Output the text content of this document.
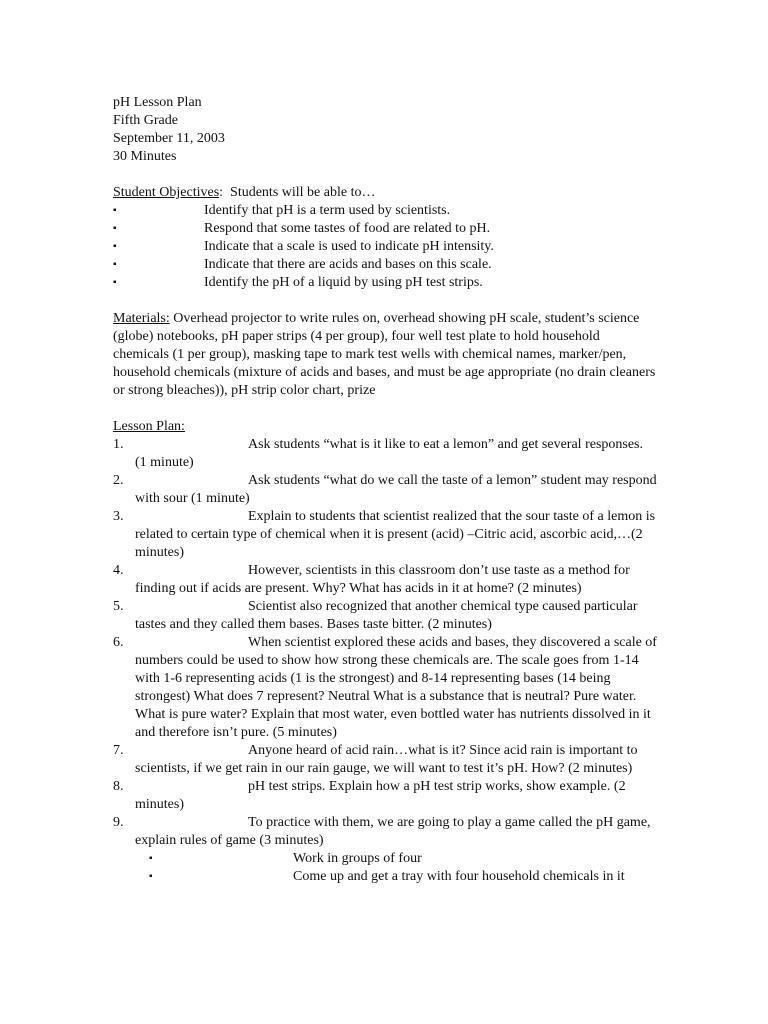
pH Lesson Plan
Fifth Grade
September 11, 2003
30 Minutes
Student Objectives:  Students will be able to…
▪	Identify that pH is a term used by scientists.
▪	Respond that some tastes of food are related to pH.
▪	Indicate that a scale is used to indicate pH intensity.
▪	Indicate that there are acids and bases on this scale.
▪	Identify the pH of a liquid by using pH test strips.
Materials: Overhead projector to write rules on, overhead showing pH scale, student’s science (globe) notebooks, pH paper strips (4 per group), four well test plate to hold household chemicals (1 per group), masking tape to mark test wells with chemical names, marker/pen, household chemicals (mixture of acids and bases, and must be age appropriate (no drain cleaners or strong bleaches)), pH strip color chart, prize
Lesson Plan:
1.	Ask students “what is it like to eat a lemon” and get several responses. (1 minute)
2.	Ask students “what do we call the taste of a lemon” student may respond with sour (1 minute)
3.	Explain to students that scientist realized that the sour taste of a lemon is related to certain type of chemical when it is present (acid) –Citric acid, ascorbic acid,…(2 minutes)
4.	However, scientists in this classroom don’t use taste as a method for finding out if acids are present. Why? What has acids in it at home? (2 minutes)
5.	Scientist also recognized that another chemical type caused particular tastes and they called them bases. Bases taste bitter. (2 minutes)
6.	When scientist explored these acids and bases, they discovered a scale of numbers could be used to show how strong these chemicals are. The scale goes from 1-14 with 1-6 representing acids (1 is the strongest) and 8-14 representing bases (14 being strongest) What does 7 represent? Neutral What is a substance that is neutral? Pure water. What is pure water? Explain that most water, even bottled water has nutrients dissolved in it and therefore isn’t pure. (5 minutes)
7.	Anyone heard of acid rain…what is it? Since acid rain is important to scientists, if we get rain in our rain gauge, we will want to test it’s pH. How? (2 minutes)
8.	pH test strips. Explain how a pH test strip works, show example. (2 minutes)
9.	To practice with them, we are going to play a game called the pH game, explain rules of game (3 minutes)
▪	Work in groups of four
▪	Come up and get a tray with four household chemicals in it
